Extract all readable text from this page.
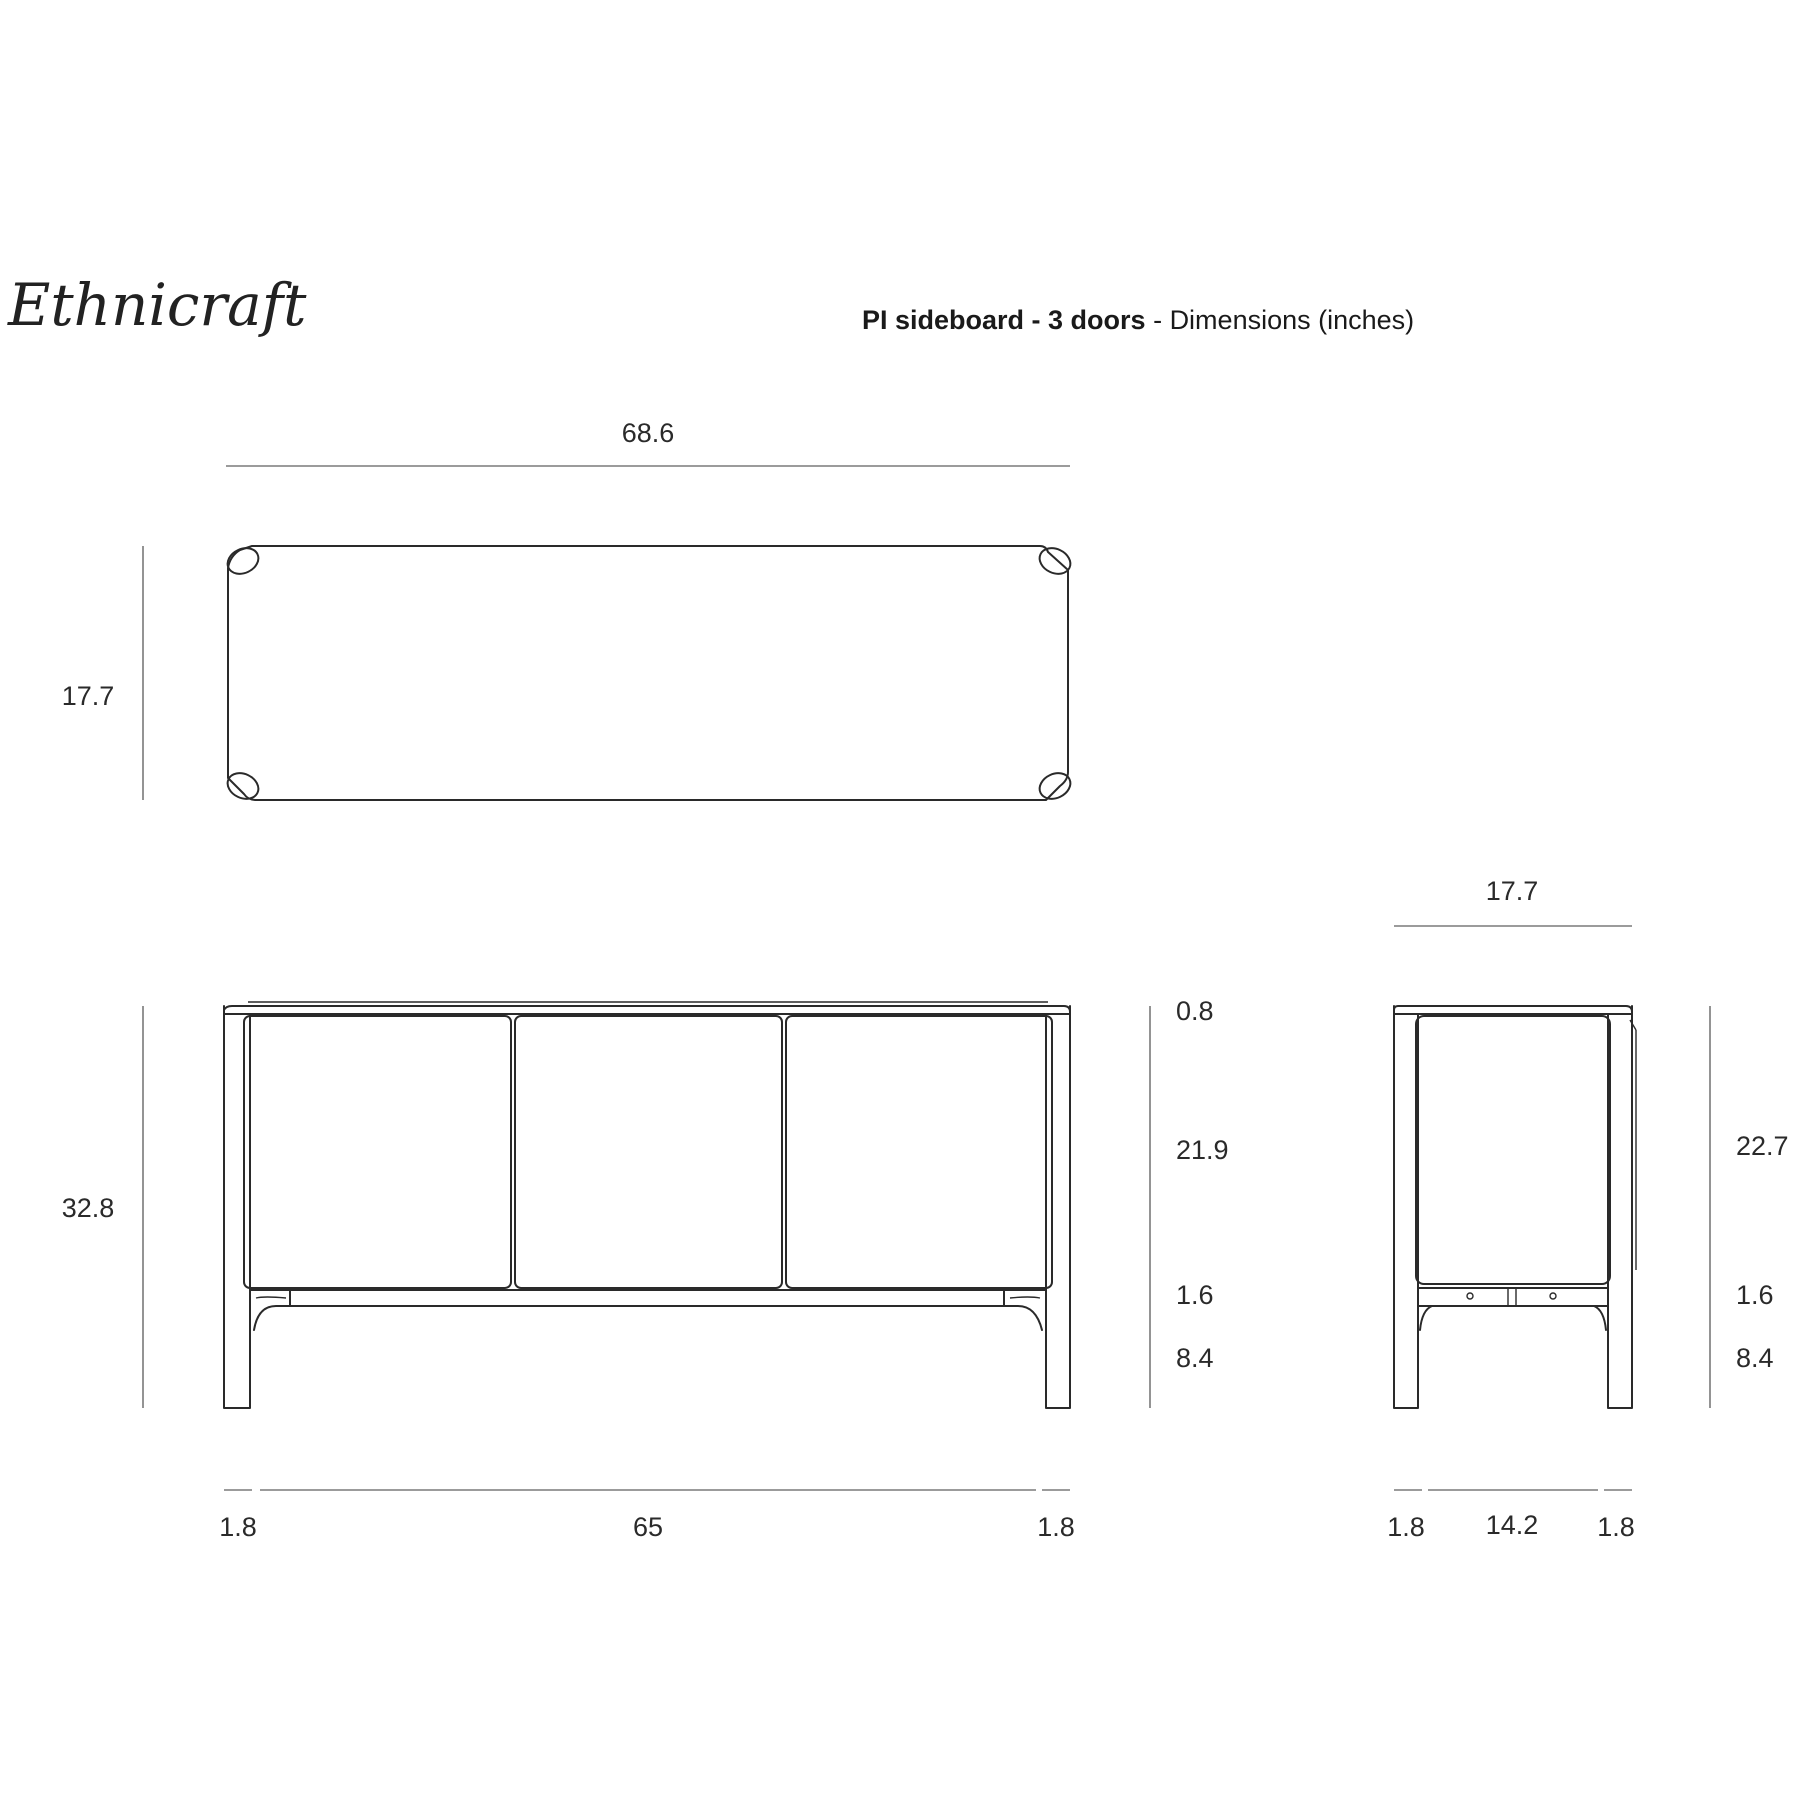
Ethnicraft	PI sideboard - 3 doors - Dimensions (inches)
68.6
17.7
32.8
0.8
21.9
1.6
8.4
1.8	65	1.8
17.7
22.7
1.6
8.4
1.8 14.2 1.8
